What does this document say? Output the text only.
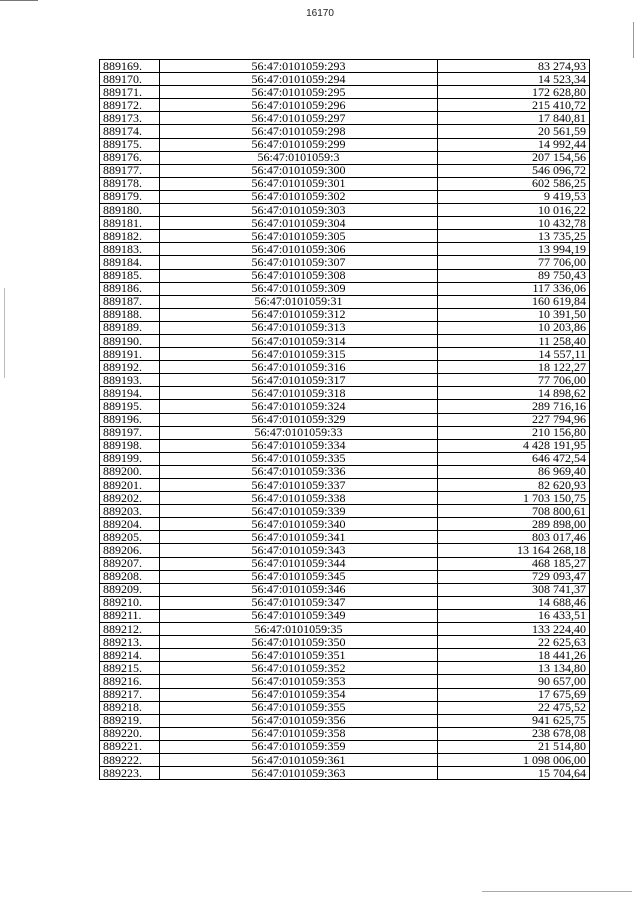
16170
889169.	56:47:0101059:293	83 274,93
889170.	56:47:0101059:294	14 523,34
889171.	56:47:0101059:295	172 628,80
889172.	56:47:0101059:296	215 410,72
889173.	56:47:0101059:297	17 840,81
889174.	56:47:0101059:298	20 561,59
889175.	56:47:0101059:299	14 992,44
889176.	56:47:0101059:3	207 154,56
889177.	56:47:0101059:300	546 096,72
889178.	56:47:0101059:301	602 586,25
889179.	56:47:0101059:302	9 419,53
889180.	56:47:0101059:303	10 016,22
889181.	56:47:0101059:304	10 432,78
889182.	56:47:0101059:305	13 735,25
889183.	56:47:0101059:306	13 994,19
889184.	56:47:0101059:307	77 706,00
889185.	56:47:0101059:308	89 750,43
889186.	56:47:0101059:309	117 336,06
889187.	56:47:0101059:31	160 619,84
889188.	56:47:0101059:312	10 391,50
889189.	56:47:0101059:313	10 203,86
889190.	56:47:0101059:314	11 258,40
889191.	56:47:0101059:315	14 557,11
889192.	56:47:0101059:316	18 122,27
889193.	56:47:0101059:317	77 706,00
889194.	56:47:0101059:318	14 898,62
889195.	56:47:0101059:324	289 716,16
889196.	56:47:0101059:329	227 794,96
889197.	56:47:0101059:33	210 156,80
889198.	56:47:0101059:334	4 428 191,95
889199.	56:47:0101059:335	646 472,54
889200.	56:47:0101059:336	86 969,40
889201.	56:47:0101059:337	82 620,93
889202.	56:47:0101059:338	1 703 150,75
889203.	56:47:0101059:339	708 800,61
889204.	56:47:0101059:340	289 898,00
889205.	56:47:0101059:341	803 017,46
889206.	56:47:0101059:343	13 164 268,18
889207.	56:47:0101059:344	468 185,27
889208.	56:47:0101059:345	729 093,47
889209.	56:47:0101059:346	308 741,37
889210.	56:47:0101059:347	14 688,46
889211.	56:47:0101059:349	16 433,51
889212.	56:47:0101059:35	133 224,40
889213.	56:47:0101059:350	22 625,63
889214.	56:47:0101059:351	18 441,26
889215.	56:47:0101059:352	13 134,80
889216.	56:47:0101059:353	90 657,00
889217.	56:47:0101059:354	17 675,69
889218.	56:47:0101059:355	22 475,52
889219.	56:47:0101059:356	941 625,75
889220.	56:47:0101059:358	238 678,08
889221.	56:47:0101059:359	21 514,80
889222.	56:47:0101059:361	1 098 006,00
889223.	56:47:0101059:363	15 704,64
